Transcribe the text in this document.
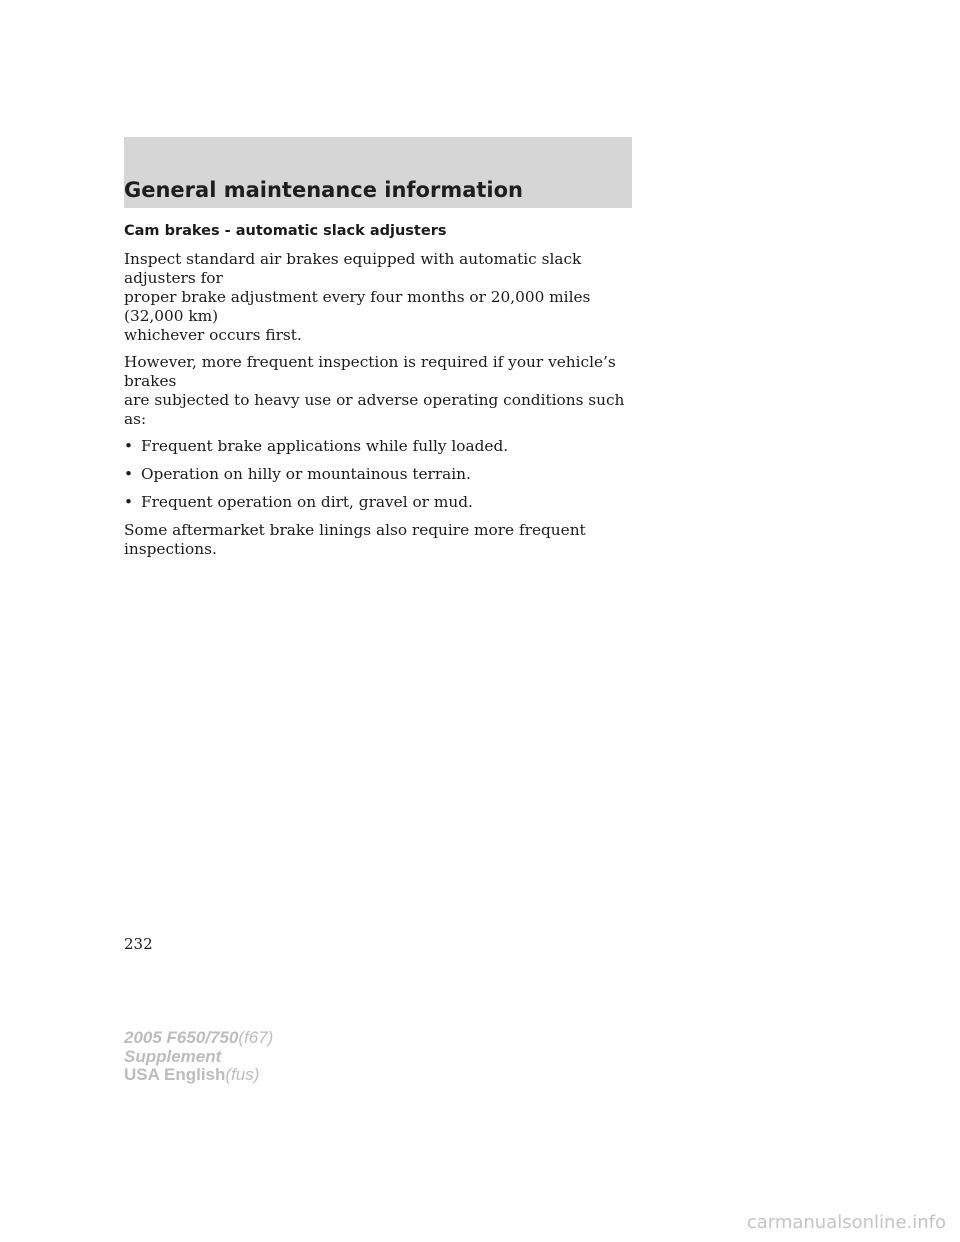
General maintenance information
Cam brakes - automatic slack adjusters
Inspect standard air brakes equipped with automatic slack adjusters for
proper brake adjustment every four months or 20,000 miles (32,000 km)
whichever occurs first.
However, more frequent inspection is required if your vehicle’s brakes
are subjected to heavy use or adverse operating conditions such as:
• Frequent brake applications while fully loaded.
• Operation on hilly or mountainous terrain.
• Frequent operation on dirt, gravel or mud.
Some aftermarket brake linings also require more frequent inspections.
232
2005 F650/750(f67)
Supplement
USA English(fus)
carmanualsonline.info
